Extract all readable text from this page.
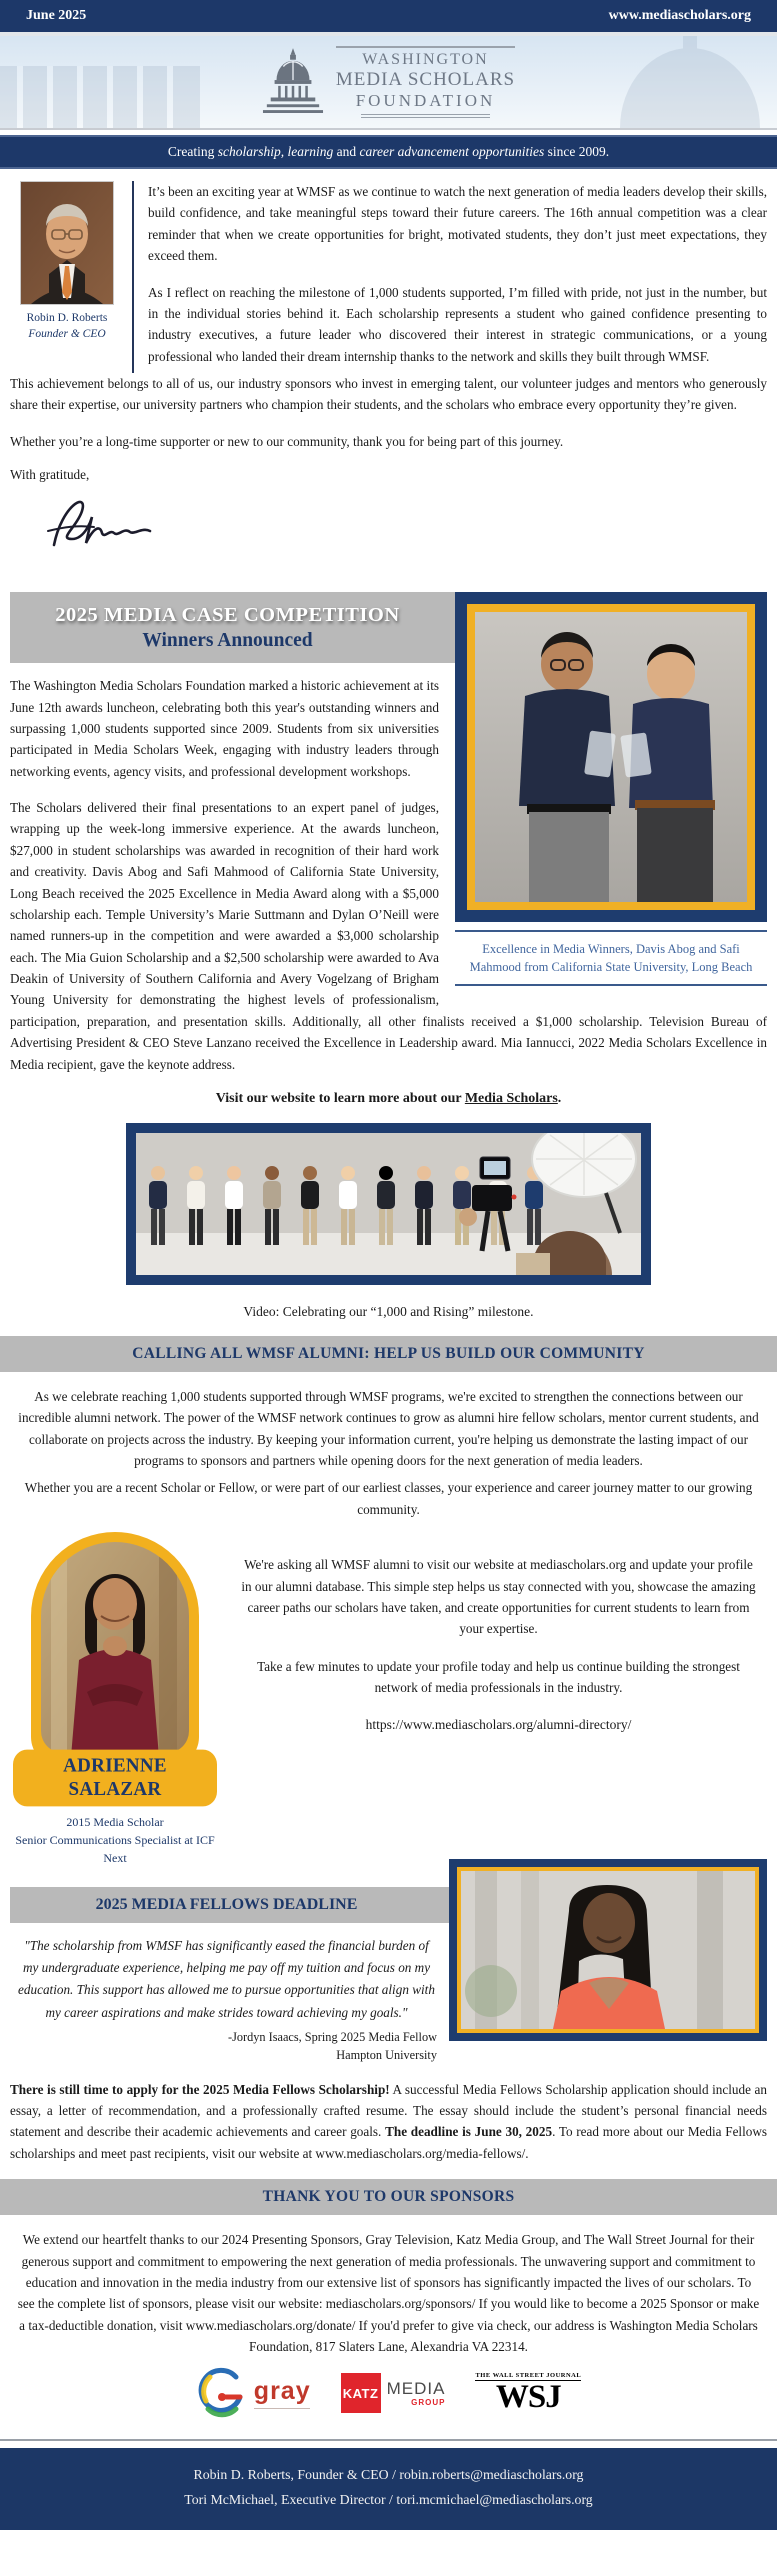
June 2025	www.mediascholars.org
WASHINGTON
MEDIA SCHOLARS
FOUNDATION
Creating scholarship, learning and career advancement opportunities since 2009.
Robin D. Roberts
Founder & CEO

It’s been an exciting year at WMSF as we continue to watch the next generation of media leaders develop their skills, build confidence, and take meaningful steps toward their future careers. The 16th annual competition was a clear reminder that when we create opportunities for bright, motivated students, they don’t just meet expectations, they exceed them.

As I reflect on reaching the milestone of 1,000 students supported, I’m filled with pride, not just in the number, but in the individual stories behind it. Each scholarship represents a student who gained confidence presenting to industry executives, a future leader who discovered their interest in strategic communications, or a young professional who landed their dream internship thanks to the network and skills they built through WMSF.

This achievement belongs to all of us, our industry sponsors who invest in emerging talent, our volunteer judges and mentors who generously share their expertise, our university partners who champion their students, and the scholars who embrace every opportunity they’re given.

Whether you’re a long-time supporter or new to our community, thank you for being part of this journey.

With gratitude,

Excellence in Media Winners, Davis Abog and Safi Mahmood from California State University, Long Beach
2025 MEDIA CASE COMPETITION
Winners Announced

The Washington Media Scholars Foundation marked a historic achievement at its June 12th awards luncheon, celebrating both this year's outstanding winners and surpassing 1,000 students supported since 2009. Students from six universities participated in Media Scholars Week, engaging with industry leaders through networking events, agency visits, and professional development workshops.

The Scholars delivered their final presentations to an expert panel of judges, wrapping up the week-long immersive experience. At the awards luncheon, $27,000 in student scholarships was awarded in recognition of their hard work and creativity. Davis Abog and Safi Mahmood of California State University, Long Beach received the 2025 Excellence in Media Award along with a $5,000 scholarship each. Temple University’s Marie Suttmann and Dylan O’Neill were named runners-up in the competition and were awarded a $3,000 scholarship each. The Mia Guion Scholarship and a $2,500 scholarship were awarded to Ava Deakin of University of Southern California and Avery Vogelzang of Brigham Young University for demonstrating the highest levels of professionalism, participation, preparation, and presentation skills. Additionally, all other finalists received a $1,000 scholarship. Television Bureau of Advertising President & CEO Steve Lanzano received the Excellence in Leadership award. Mia Iannucci, 2022 Media Scholars Excellence in Media recipient, gave the keynote address.

Visit our website to learn more about our Media Scholars.

Video: Celebrating our “1,000 and Rising” milestone.
CALLING ALL WMSF ALUMNI: HELP US BUILD OUR COMMUNITY

As we celebrate reaching 1,000 students supported through WMSF programs, we're excited to strengthen the connections between our incredible alumni network. The power of the WMSF network continues to grow as alumni hire fellow scholars, mentor current students, and collaborate on projects across the industry. By keeping your information current, you're helping us demonstrate the lasting impact of our programs to sponsors and partners while opening doors for the next generation of media leaders.

Whether you are a recent Scholar or Fellow, or were part of our earliest classes, your experience and career journey matter to our growing community.

ADRIENNE SALAZAR
2015 Media Scholar
Senior Communications Specialist at ICF Next

We're asking all WMSF alumni to visit our website at mediascholars.org and update your profile in our alumni database. This simple step helps us stay connected with you, showcase the amazing career paths our scholars have taken, and create opportunities for current students to learn from your expertise.

Take a few minutes to update your profile today and help us continue building the strongest network of media professionals in the industry.

https://www.mediascholars.org/alumni-directory/

2025 MEDIA FELLOWS DEADLINE
"The scholarship from WMSF has significantly eased the financial burden of my undergraduate experience, helping me pay off my tuition and focus on my education. This support has allowed me to pursue opportunities that align with my career aspirations and make strides toward achieving my goals."
-Jordyn Isaacs, Spring 2025 Media Fellow
Hampton University

There is still time to apply for the 2025 Media Fellows Scholarship! A successful Media Fellows Scholarship application should include an essay, a letter of recommendation, and a professionally crafted resume. The essay should include the student’s personal financial needs statement and describe their academic achievements and career goals. The deadline is June 30, 2025. To read more about our Media Fellows scholarships and meet past recipients, visit our website at www.mediascholars.org/media-fellows/.

THANK YOU TO OUR SPONSORS

We extend our heartfelt thanks to our 2024 Presenting Sponsors, Gray Television, Katz Media Group, and The Wall Street Journal for their generous support and commitment to empowering the next generation of media professionals. The unwavering support and commitment to education and innovation in the media industry from our extensive list of sponsors has significantly impacted the lives of our scholars. To see the complete list of sponsors, please visit our website: mediascholars.org/sponsors/ If you would like to become a 2025 Sponsor or make a tax-deductible donation, visit www.mediascholars.org/donate/ If you'd prefer to give via check, our address is Washington Media Scholars Foundation, 817 Slaters Lane, Alexandria VA 22314.

gray KATZ MEDIA
GROUP
THE WALL STREET JOURNAL
WSJ
Robin D. Roberts, Founder & CEO / robin.roberts@mediascholars.org
Tori McMichael, Executive Director / tori.mcmichael@mediascholars.org
